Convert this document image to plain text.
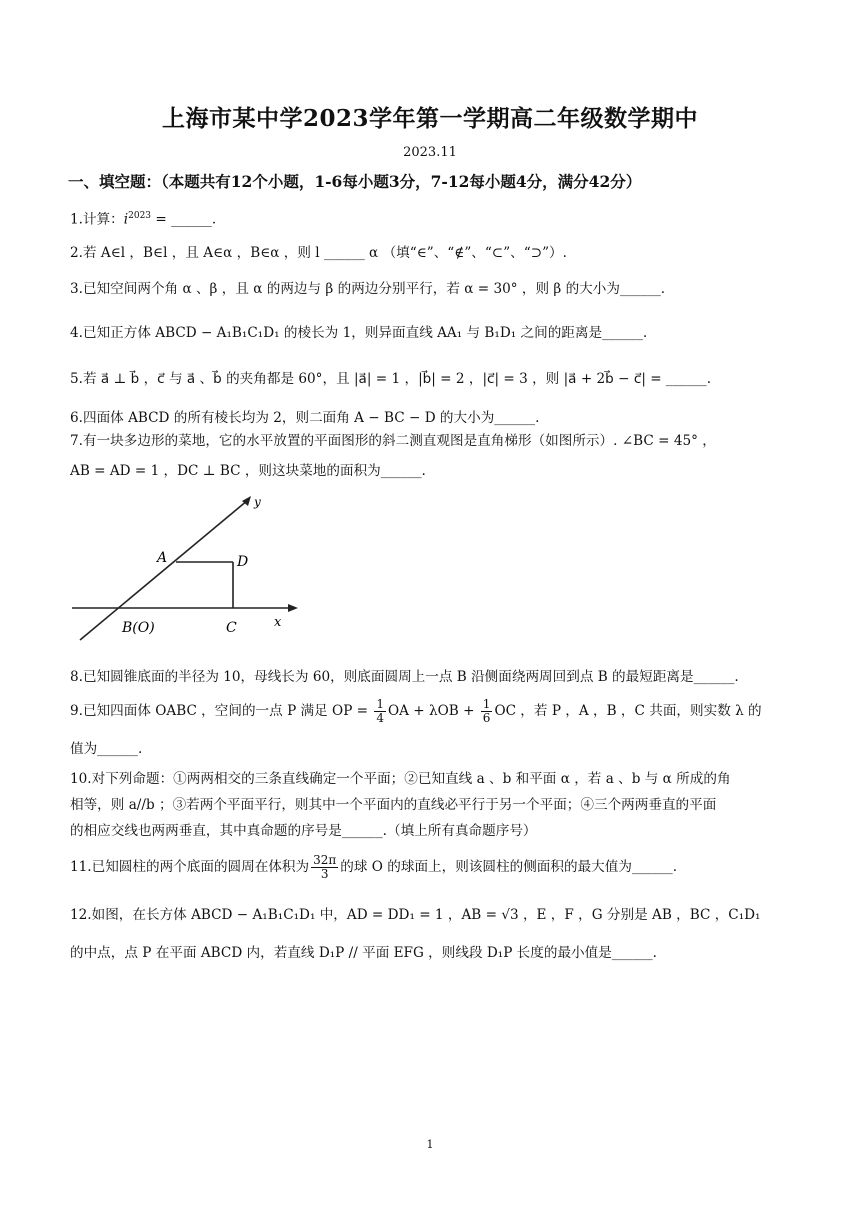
上海市某中学2023学年第一学期高二年级数学期中
2023.11
一、填空题：（本题共有12个小题，1-6每小题3分，7-12每小题4分，满分42分）
1.计算：$i^{2023}$ = ______.
2.若 A∈l ，B∈l ，且 A∈α ，B∈α ，则 l ______ α （填“∈”、“∉”、“⊂”、“⊃”）.
3.已知空间两个角 α 、β ，且 α 的两边与 β 的两边分别平行，若 α = 30° ，则 β 的大小为______.
4.已知正方体 ABCD − A₁B₁C₁D₁ 的棱长为 1，则异面直线 AA₁ 与 B₁D₁ 之间的距离是______.
5.若 a⃗ ⊥ b⃗ ，c⃗ 与 a⃗ 、b⃗ 的夹角都是 60°，且 |a⃗| = 1 ，|b⃗| = 2 ，|c⃗| = 3 ，则 |a⃗ + 2b⃗ − c⃗| = ______.
6.四面体 ABCD 的所有棱长均为 2，则二面角 A − BC − D 的大小为______.
7.有一块多边形的菜地，它的水平放置的平面图形的斜二测直观图是直角梯形（如图所示）. ∠BC = 45° ，
AB = AD = 1 ，DC ⊥ BC ，则这块菜地的面积为______.
y
x
A	D
B(O)	C
8.已知圆锥底面的半径为 10，母线长为 60，则底面圆周上一点 B 沿侧面绕两周回到点 B 的最短距离是______.
9.已知四面体 OABC ，空间的一点 P 满足 OP = $\frac{1}{4}$ OA + $\lambda OB + \frac{1}{6}$ OC ，若 P ，A ，B ，C 共面，则实数 λ 的
值为______.
10.对下列命题：①两两相交的三条直线确定一个平面；②已知直线 a 、b 和平面 α ，若 a 、b 与 α 所成的角
相等，则 a//b ；③若两个平面平行，则其中一个平面内的直线必平行于另一个平面；④三个两两垂直的平面
的相应交线也两两垂直，其中真命题的序号是______.（填上所有真命题序号）
11.已知圆柱的两个底面的圆周在体积为 $\frac{32\pi}{3}$ 的球 O 的球面上，则该圆柱的侧面积的最大值为______.
12.如图，在长方体 ABCD − A₁B₁C₁D₁ 中，AD = DD₁ = 1 ，AB = √3 ，E ，F ，G 分别是 AB ，BC ，C₁D₁
的中点，点 P 在平面 ABCD 内，若直线 D₁P // 平面 EFG ，则线段 D₁P 长度的最小值是______.
1
